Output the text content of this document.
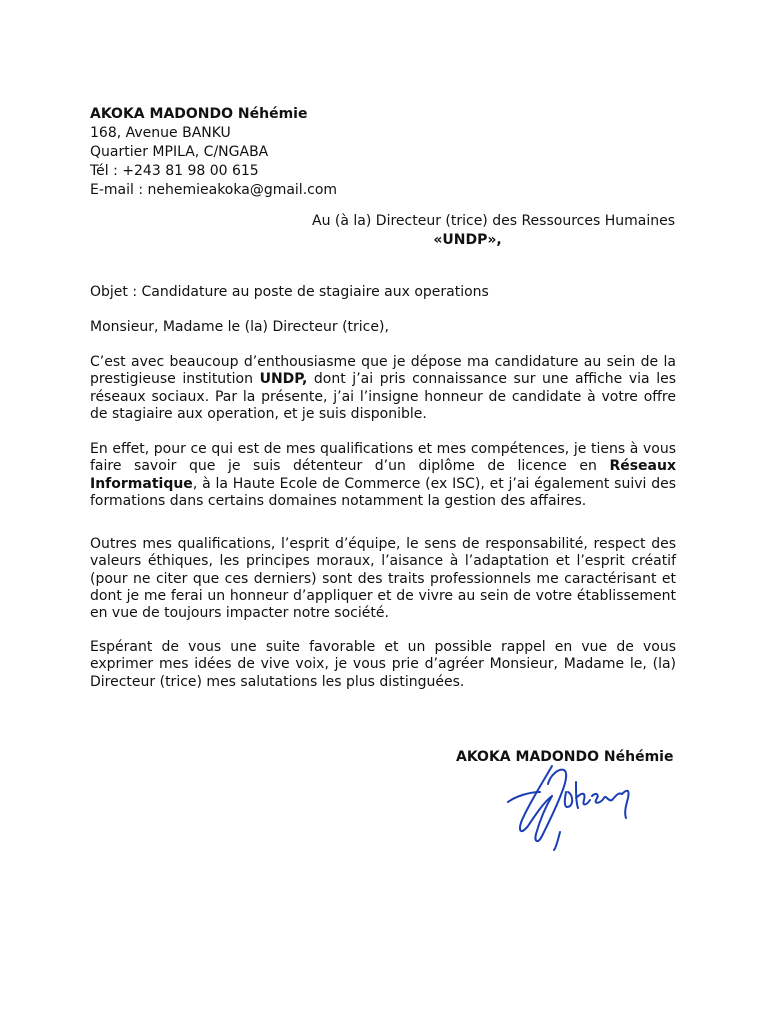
AKOKA MADONDO Néhémie
168, Avenue BANKU
Quartier MPILA, C/NGABA
Tél : +243 81 98 00 615
E-mail : nehemieakoka@gmail.com
Au (à la) Directeur (trice) des Ressources Humaines
«UNDP»,
Objet : Candidature au poste de stagiaire aux operations
Monsieur, Madame le (la) Directeur (trice),
C’est avec beaucoup d’enthousiasme que je dépose ma candidature au sein de la prestigieuse institution UNDP, dont j’ai pris connaissance sur une affiche via les réseaux sociaux. Par la présente, j’ai l’insigne honneur de candidate à votre offre de stagiaire aux operation, et je suis disponible.
En effet, pour ce qui est de mes qualifications et mes compétences, je tiens à vous faire savoir que je suis détenteur d’un diplôme de licence en Réseaux Informatique, à la Haute Ecole de Commerce (ex ISC), et j’ai également suivi des formations dans certains domaines notamment la gestion des affaires.
Outres mes qualifications, l’esprit d’équipe, le sens de responsabilité, respect des valeurs éthiques, les principes moraux, l’aisance à l’adaptation et l’esprit créatif (pour ne citer que ces derniers) sont des traits professionnels me caractérisant et dont je me ferai un honneur d’appliquer et de vivre au sein de votre établissement en vue de toujours impacter notre société.
Espérant de vous une suite favorable et un possible rappel en vue de vous exprimer mes idées de vive voix, je vous prie d’agréer Monsieur, Madame le, (la) Directeur (trice) mes salutations les plus distinguées.
AKOKA MADONDO Néhémie
